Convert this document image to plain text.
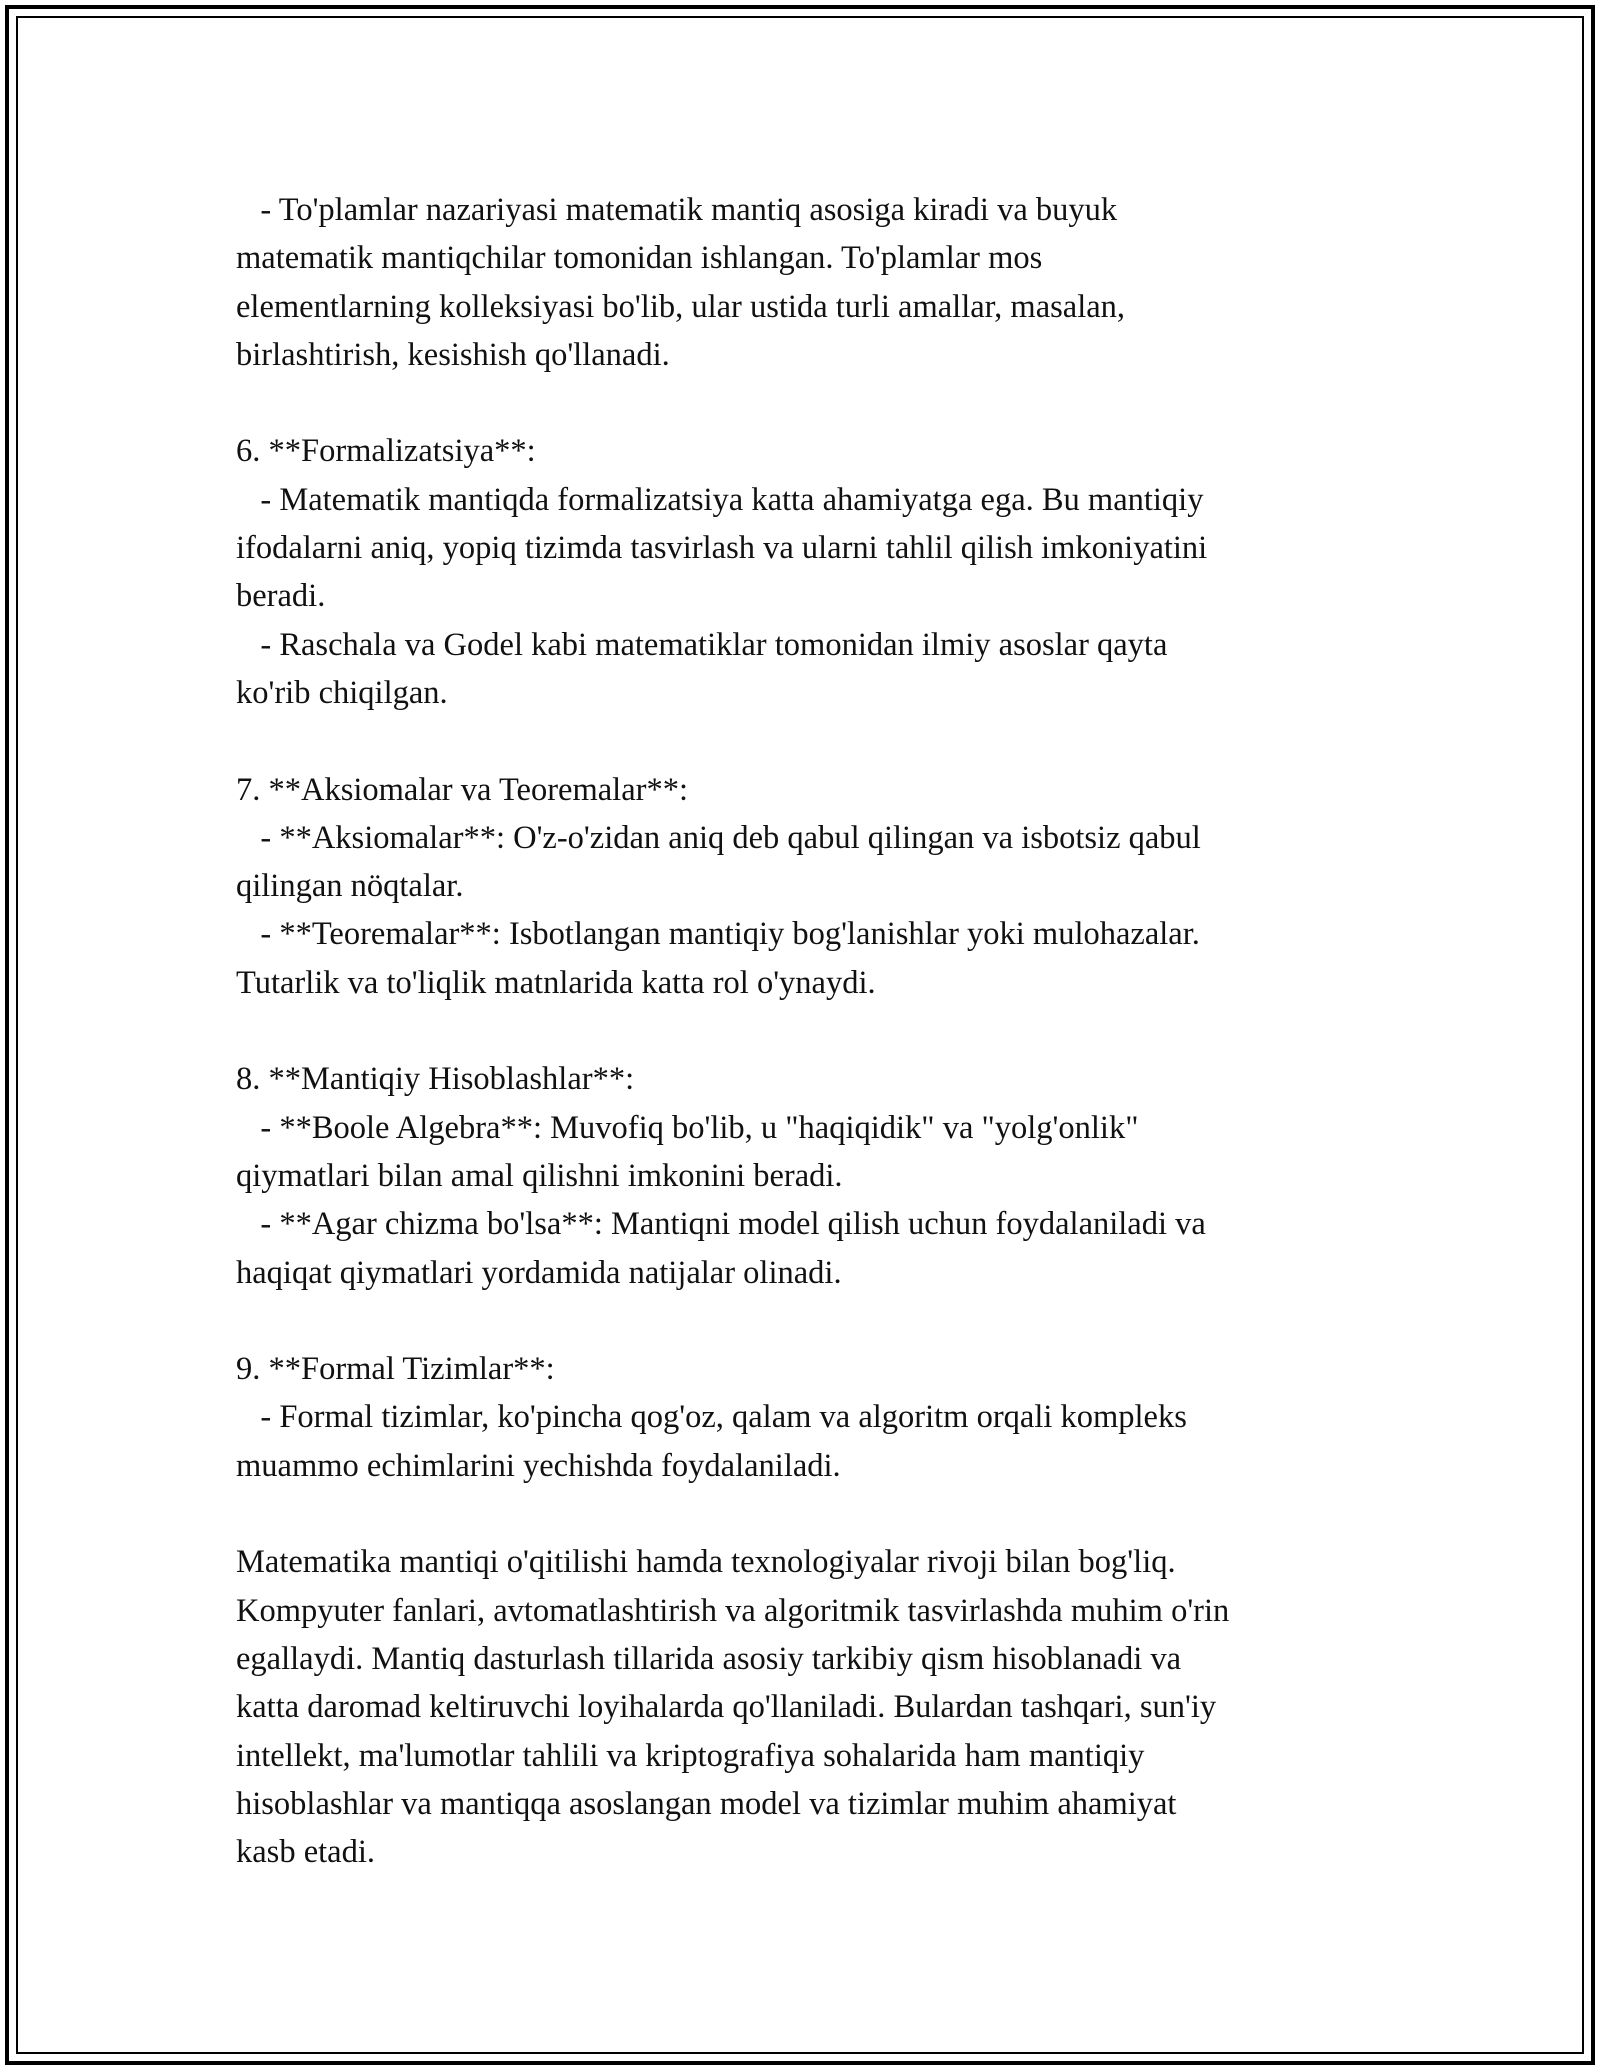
- To'plamlar nazariyasi matematik mantiq asosiga kiradi va buyuk
matematik mantiqchilar tomonidan ishlangan. To'plamlar mos
elementlarning kolleksiyasi bo'lib, ular ustida turli amallar, masalan,
birlashtirish, kesishish qo'llanadi.
6. **Formalizatsiya**:
- Matematik mantiqda formalizatsiya katta ahamiyatga ega. Bu mantiqiy
ifodalarni aniq, yopiq tizimda tasvirlash va ularni tahlil qilish imkoniyatini
beradi.
- Raschala va Godel kabi matematiklar tomonidan ilmiy asoslar qayta
ko'rib chiqilgan.
7. **Aksiomalar va Teoremalar**:
- **Aksiomalar**: O'z-o'zidan aniq deb qabul qilingan va isbotsiz qabul
qilingan nöqtalar.
- **Teoremalar**: Isbotlangan mantiqiy bog'lanishlar yoki mulohazalar.
Tutarlik va to'liqlik matnlarida katta rol o'ynaydi.
8. **Mantiqiy Hisoblashlar**:
- **Boole Algebra**: Muvofiq bo'lib, u "haqiqidik" va "yolg'onlik"
qiymatlari bilan amal qilishni imkonini beradi.
- **Agar chizma bo'lsa**: Mantiqni model qilish uchun foydalaniladi va
haqiqat qiymatlari yordamida natijalar olinadi.
9. **Formal Tizimlar**:
- Formal tizimlar, ko'pincha qog'oz, qalam va algoritm orqali kompleks
muammo echimlarini yechishda foydalaniladi.
Matematika mantiqi o'qitilishi hamda texnologiyalar rivoji bilan bog'liq.
Kompyuter fanlari, avtomatlashtirish va algoritmik tasvirlashda muhim o'rin
egallaydi. Mantiq dasturlash tillarida asosiy tarkibiy qism hisoblanadi va
katta daromad keltiruvchi loyihalarda qo'llaniladi. Bulardan tashqari, sun'iy
intellekt, ma'lumotlar tahlili va kriptografiya sohalarida ham mantiqiy
hisoblashlar va mantiqqa asoslangan model va tizimlar muhim ahamiyat
kasb etadi.
